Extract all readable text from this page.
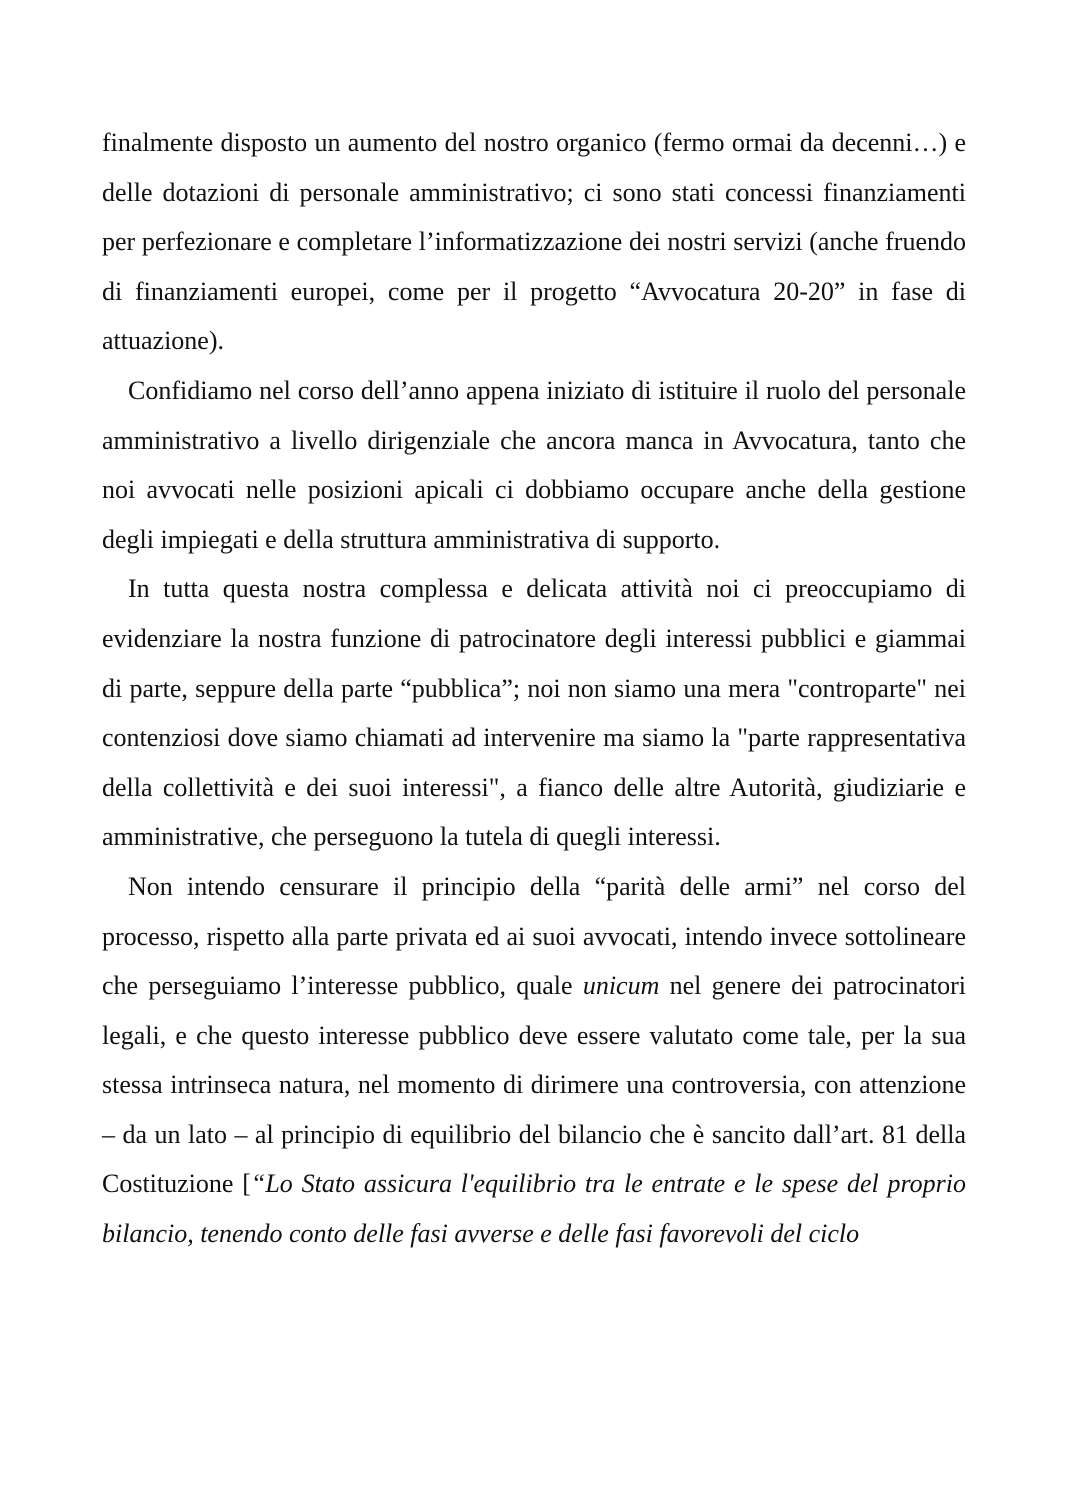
finalmente disposto un aumento del nostro organico (fermo ormai da decenni…) e delle dotazioni di personale amministrativo; ci sono stati concessi finanziamenti per perfezionare e completare l’informatizzazione dei nostri servizi (anche fruendo di finanziamenti europei, come per il progetto “Avvocatura 20-20” in fase di attuazione).

Confidiamo nel corso dell’anno appena iniziato di istituire il ruolo del personale amministrativo a livello dirigenziale che ancora manca in Avvocatura, tanto che noi avvocati nelle posizioni apicali ci dobbiamo occupare anche della gestione degli impiegati e della struttura amministrativa di supporto.

In tutta questa nostra complessa e delicata attività noi ci preoccupiamo di evidenziare la nostra funzione di patrocinatore degli interessi pubblici e giammai di parte, seppure della parte “pubblica”; noi non siamo una mera "controparte" nei contenziosi dove siamo chiamati ad intervenire ma siamo la "parte rappresentativa della collettività e dei suoi interessi", a fianco delle altre Autorità, giudiziarie e amministrative, che perseguono la tutela di quegli interessi.

Non intendo censurare il principio della “parità delle armi” nel corso del processo, rispetto alla parte privata ed ai suoi avvocati, intendo invece sottolineare che perseguiamo l’interesse pubblico, quale unicum nel genere dei patrocinatori legali, e che questo interesse pubblico deve essere valutato come tale, per la sua stessa intrinseca natura, nel momento di dirimere una controversia, con attenzione – da un lato – al principio di equilibrio del bilancio che è sancito dall’art. 81 della Costituzione [“Lo Stato assicura l'equilibrio tra le entrate e le spese del proprio bilancio, tenendo conto delle fasi avverse e delle fasi favorevoli del ciclo
